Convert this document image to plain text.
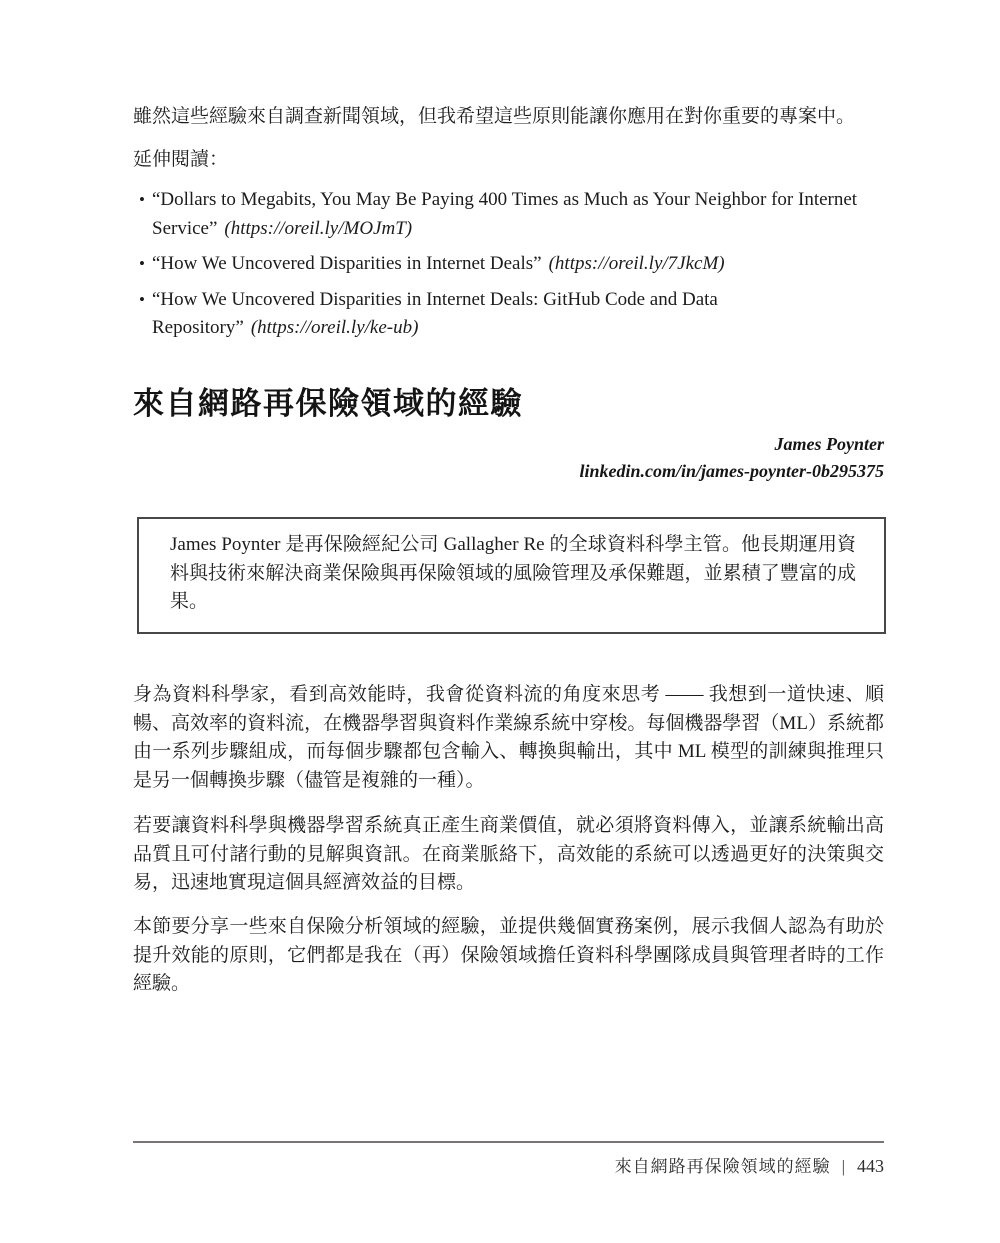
雖然這些經驗來自調查新聞領域，但我希望這些原則能讓你應用在對你重要的專案中。

延伸閱讀：

• “Dollars to Megabits, You May Be Paying 400 Times as Much as Your Neighbor for Internet Service” (https://oreil.ly/MOJmT)
• “How We Uncovered Disparities in Internet Deals” (https://oreil.ly/7JkcM)
• “How We Uncovered Disparities in Internet Deals: GitHub Code and Data Repository” (https://oreil.ly/ke-ub)
來自網路再保險領域的經驗
James Poynter
linkedin.com/in/james-poynter-0b295375

James Poynter 是再保險經紀公司 Gallagher Re 的全球資料科學主管。他長期運用資料與技術來解決商業保險與再保險領域的風險管理及承保難題，並累積了豐富的成果。

身為資料科學家，看到高效能時，我會從資料流的角度來思考 —— 我想到一道快速、順暢、高效率的資料流，在機器學習與資料作業線系統中穿梭。每個機器學習（ML）系統都由一系列步驟組成，而每個步驟都包含輸入、轉換與輸出，其中 ML 模型的訓練與推理只是另一個轉換步驟（儘管是複雜的一種）。

若要讓資料科學與機器學習系統真正產生商業價值，就必須將資料傳入，並讓系統輸出高品質且可付諸行動的見解與資訊。在商業脈絡下，高效能的系統可以透過更好的決策與交易，迅速地實現這個具經濟效益的目標。

本節要分享一些來自保險分析領域的經驗，並提供幾個實務案例，展示我個人認為有助於提升效能的原則，它們都是我在（再）保險領域擔任資料科學團隊成員與管理者時的工作經驗。

來自網路再保險領域的經驗 | 443
